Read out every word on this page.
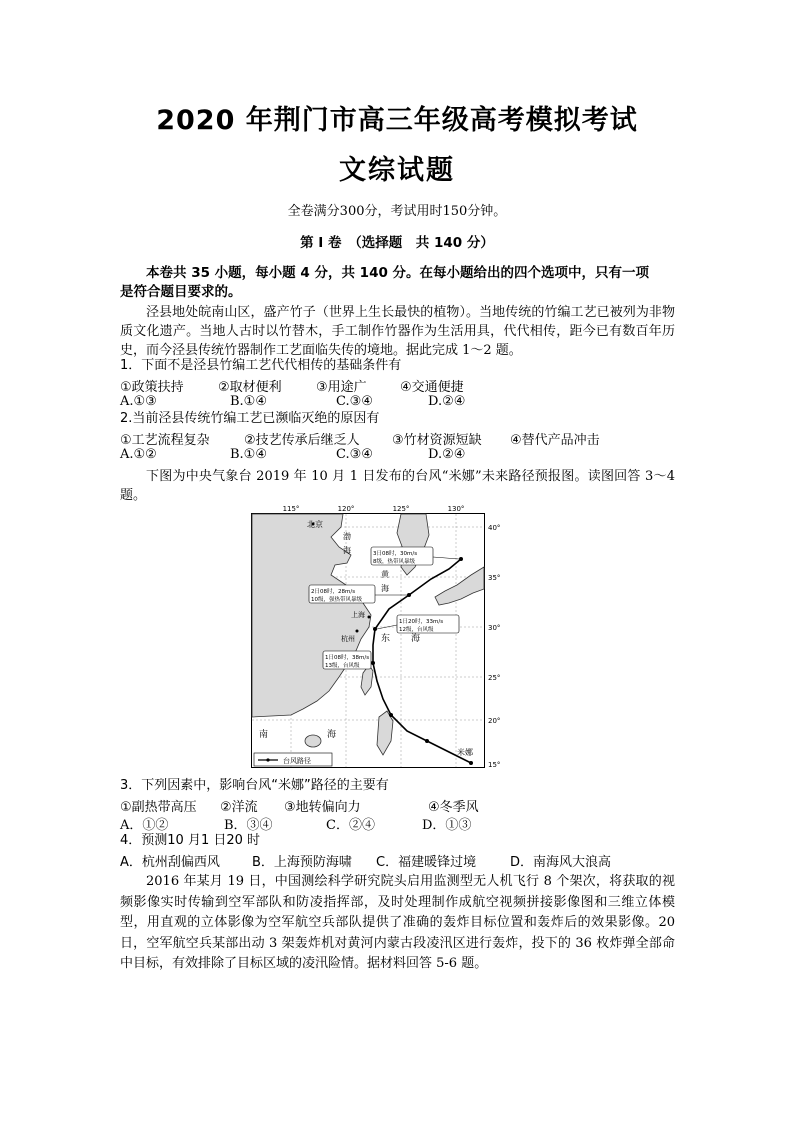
2020 年荆门市高三年级高考模拟考试
文综试题
全卷满分300分，考试用时150分钟。
第 I 卷　（选择题　共 140 分）
本卷共 35 小题，每小题 4 分，共 140 分。在每小题给出的四个选项中，只有一项
是符合题目要求的。
泾县地处皖南山区，盛产竹子（世界上生长最快的植物）。当地传统的竹编工艺已被列为非物质文化遗产。当地人古时以竹替木，手工制作竹器作为生活用具，代代相传，距今已有数百年历史，而今泾县传统竹器制作工艺面临失传的境地。据此完成 1～2 题。
1．下面不是泾县竹编工艺代代相传的基础条件有
①政策扶持	②取材便利	③用途广	④交通便捷
A.①③	B.①④	C.③④	D.②④
2.当前泾县传统竹编工艺已濒临灭绝的原因有
①工艺流程复杂	②技艺传承后继乏人 ③竹材资源短缺 ④替代产品冲击
A.①②	B.①④	C.③④	D.②④
下图为中央气象台 2019 年 10 月 1 日发布的台风“米娜”未来路径预报图。读图回答 3～4 题。
115°	120°	125°	130°
40°
35°
30°
25°
20°
15°
北京
渤
海
黄
海
上海
杭州	东 海
南	海
米娜
3日08时，30m/s
8级，热带风暴级
2日08时，28m/s
10级，强热带风暴级
1日20时，33m/s
12级，台风级
1日08时，38m/s
13级，台风级
台风路径
3．下列因素中，影响台风“米娜”路径的主要有
①副热带高压 ②洋流 ③地转偏向力	④冬季风
A．①②	B．③④	C．②④	D．①③
4．预测10 月1 日20 时
A．杭州刮偏西风 B．上海预防海啸 C．福建暖锋过境	D．南海风大浪高
2016 年某月 19 日，中国测绘科学研究院头启用监测型无人机飞行 8 个架次，将获取的视频影像实时传输到空军部队和防凌指挥部，及时处理制作成航空视频拼接影像图和三维立体模型，用直观的立体影像为空军航空兵部队提供了准确的轰炸目标位置和轰炸后的效果影像。20 日，空军航空兵某部出动 3 架轰炸机对黄河内蒙古段凌汛区进行轰炸，投下的 36 枚炸弹全部命中目标，有效排除了目标区域的凌汛险情。据材料回答 5-6 题。
